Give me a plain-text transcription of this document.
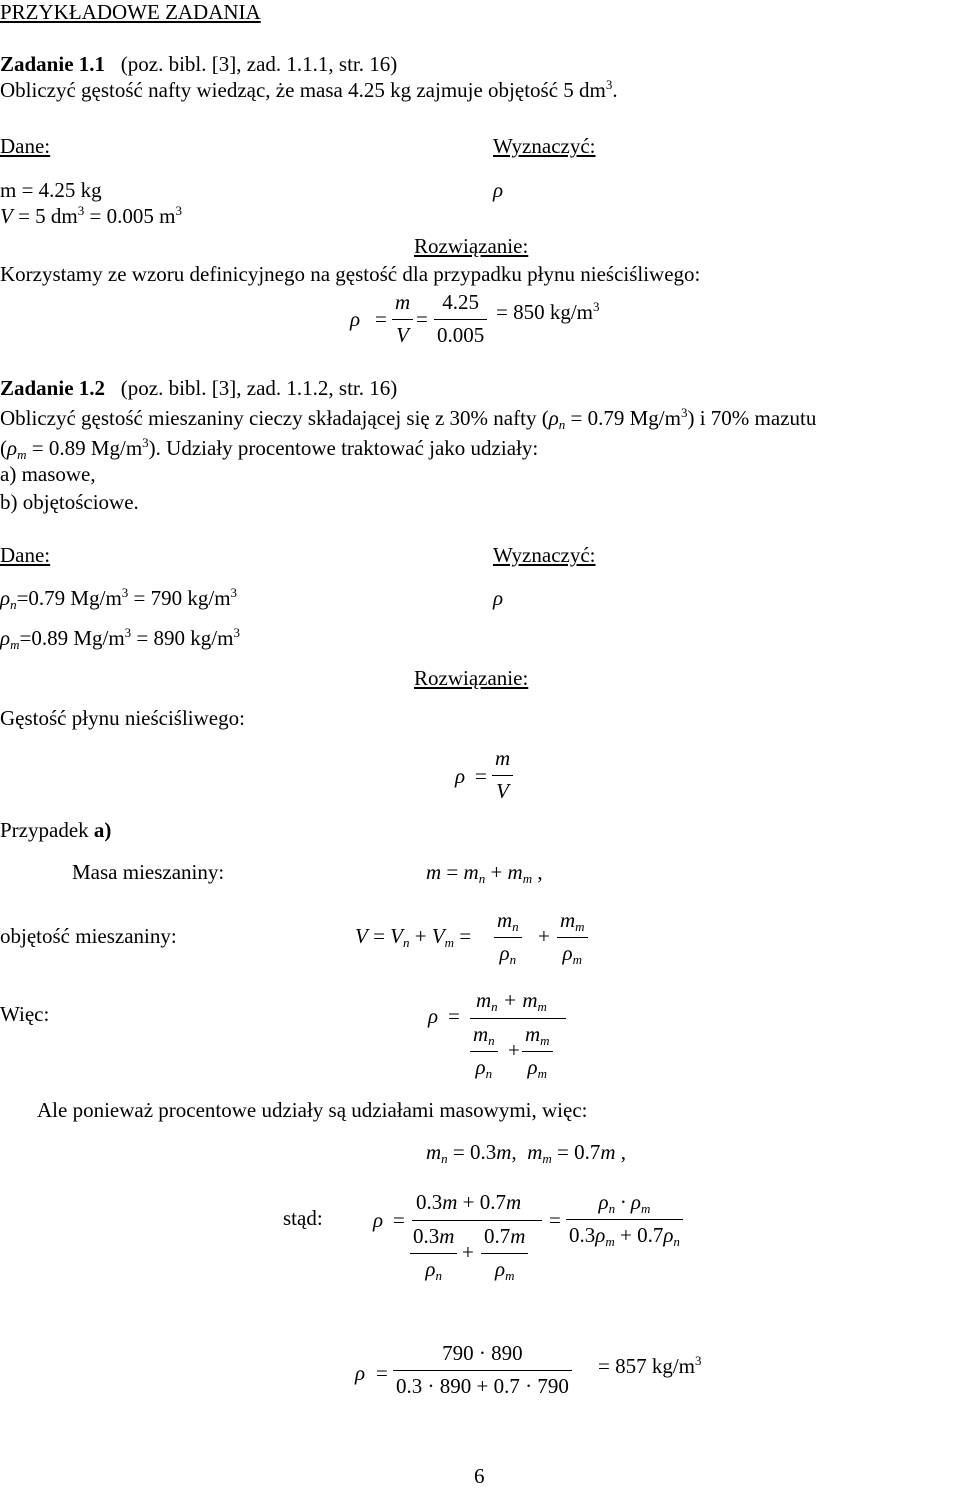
PRZYKŁADOWE ZADANIA
Zadanie 1.1 (poz. bibl. [3], zad. 1.1.1, str. 16)
Obliczyć gęstość nafty wiedząc, że masa 4.25 kg zajmuje objętość 5 $dm^3$.
Dane:	Wyznaczyć:
m = 4.25 kg	ρ
V = 5 $dm^3 = 0.005$ $m^3$
Rozwiązanie:
Korzystamy ze wzoru definicyjnego na gęstość dla przypadku płynu nieściśliwego:
ρ =
m
V
=
4.25
0.005
= 850 $kg/m^3$
Zadanie 1.2 (poz. bibl. [3], zad. 1.1.2, str. 16)
Obliczyć gęstość mieszaniny cieczy składającej się z 30% nafty ($\rho_n = 0.79$ $Mg/m^3$) i 70% mazutu
($\rho_m = 0.89$ $Mg/m^3$). Udziały procentowe traktować jako udziały:
a) masowe,
b) objętościowe.
Dane:	Wyznaczyć:
$\rho_n=0.79$ $Mg/m^3 = 790$ $kg/m^3$	ρ
$\rho_m=0.89$ $Mg/m^3 = 890$ $kg/m^3$
Rozwiązanie:
Gęstość płynu nieściśliwego:
ρ =
m
V
Przypadek a)
Masa mieszaniny:	$m = m_n + m_m$ ,
objętość mieszaniny:	$V = V_n + V_m$ =
$m_n$
$\rho_n$
+
$m_m$
$\rho_m$
Więc:	ρ =
$m_n + m_m$
$m_n$
$\rho_n$
+
$m_m$
$\rho_m$
Ale ponieważ procentowe udziały są udziałami masowymi, więc:
$m_n = 0.3m$,  $m_m = 0.7m$ ,
stąd: ρ =
0.3m + 0.7m
0.3m
$\rho_n$
+
0.7m
$\rho_m$
=
$\rho_n \cdot \rho_m$
$0.3\rho_m + 0.7\rho_n$
ρ =
790 · 890
0.3 · 890 + 0.7 · 790
= 857 $kg/m^3$
6
